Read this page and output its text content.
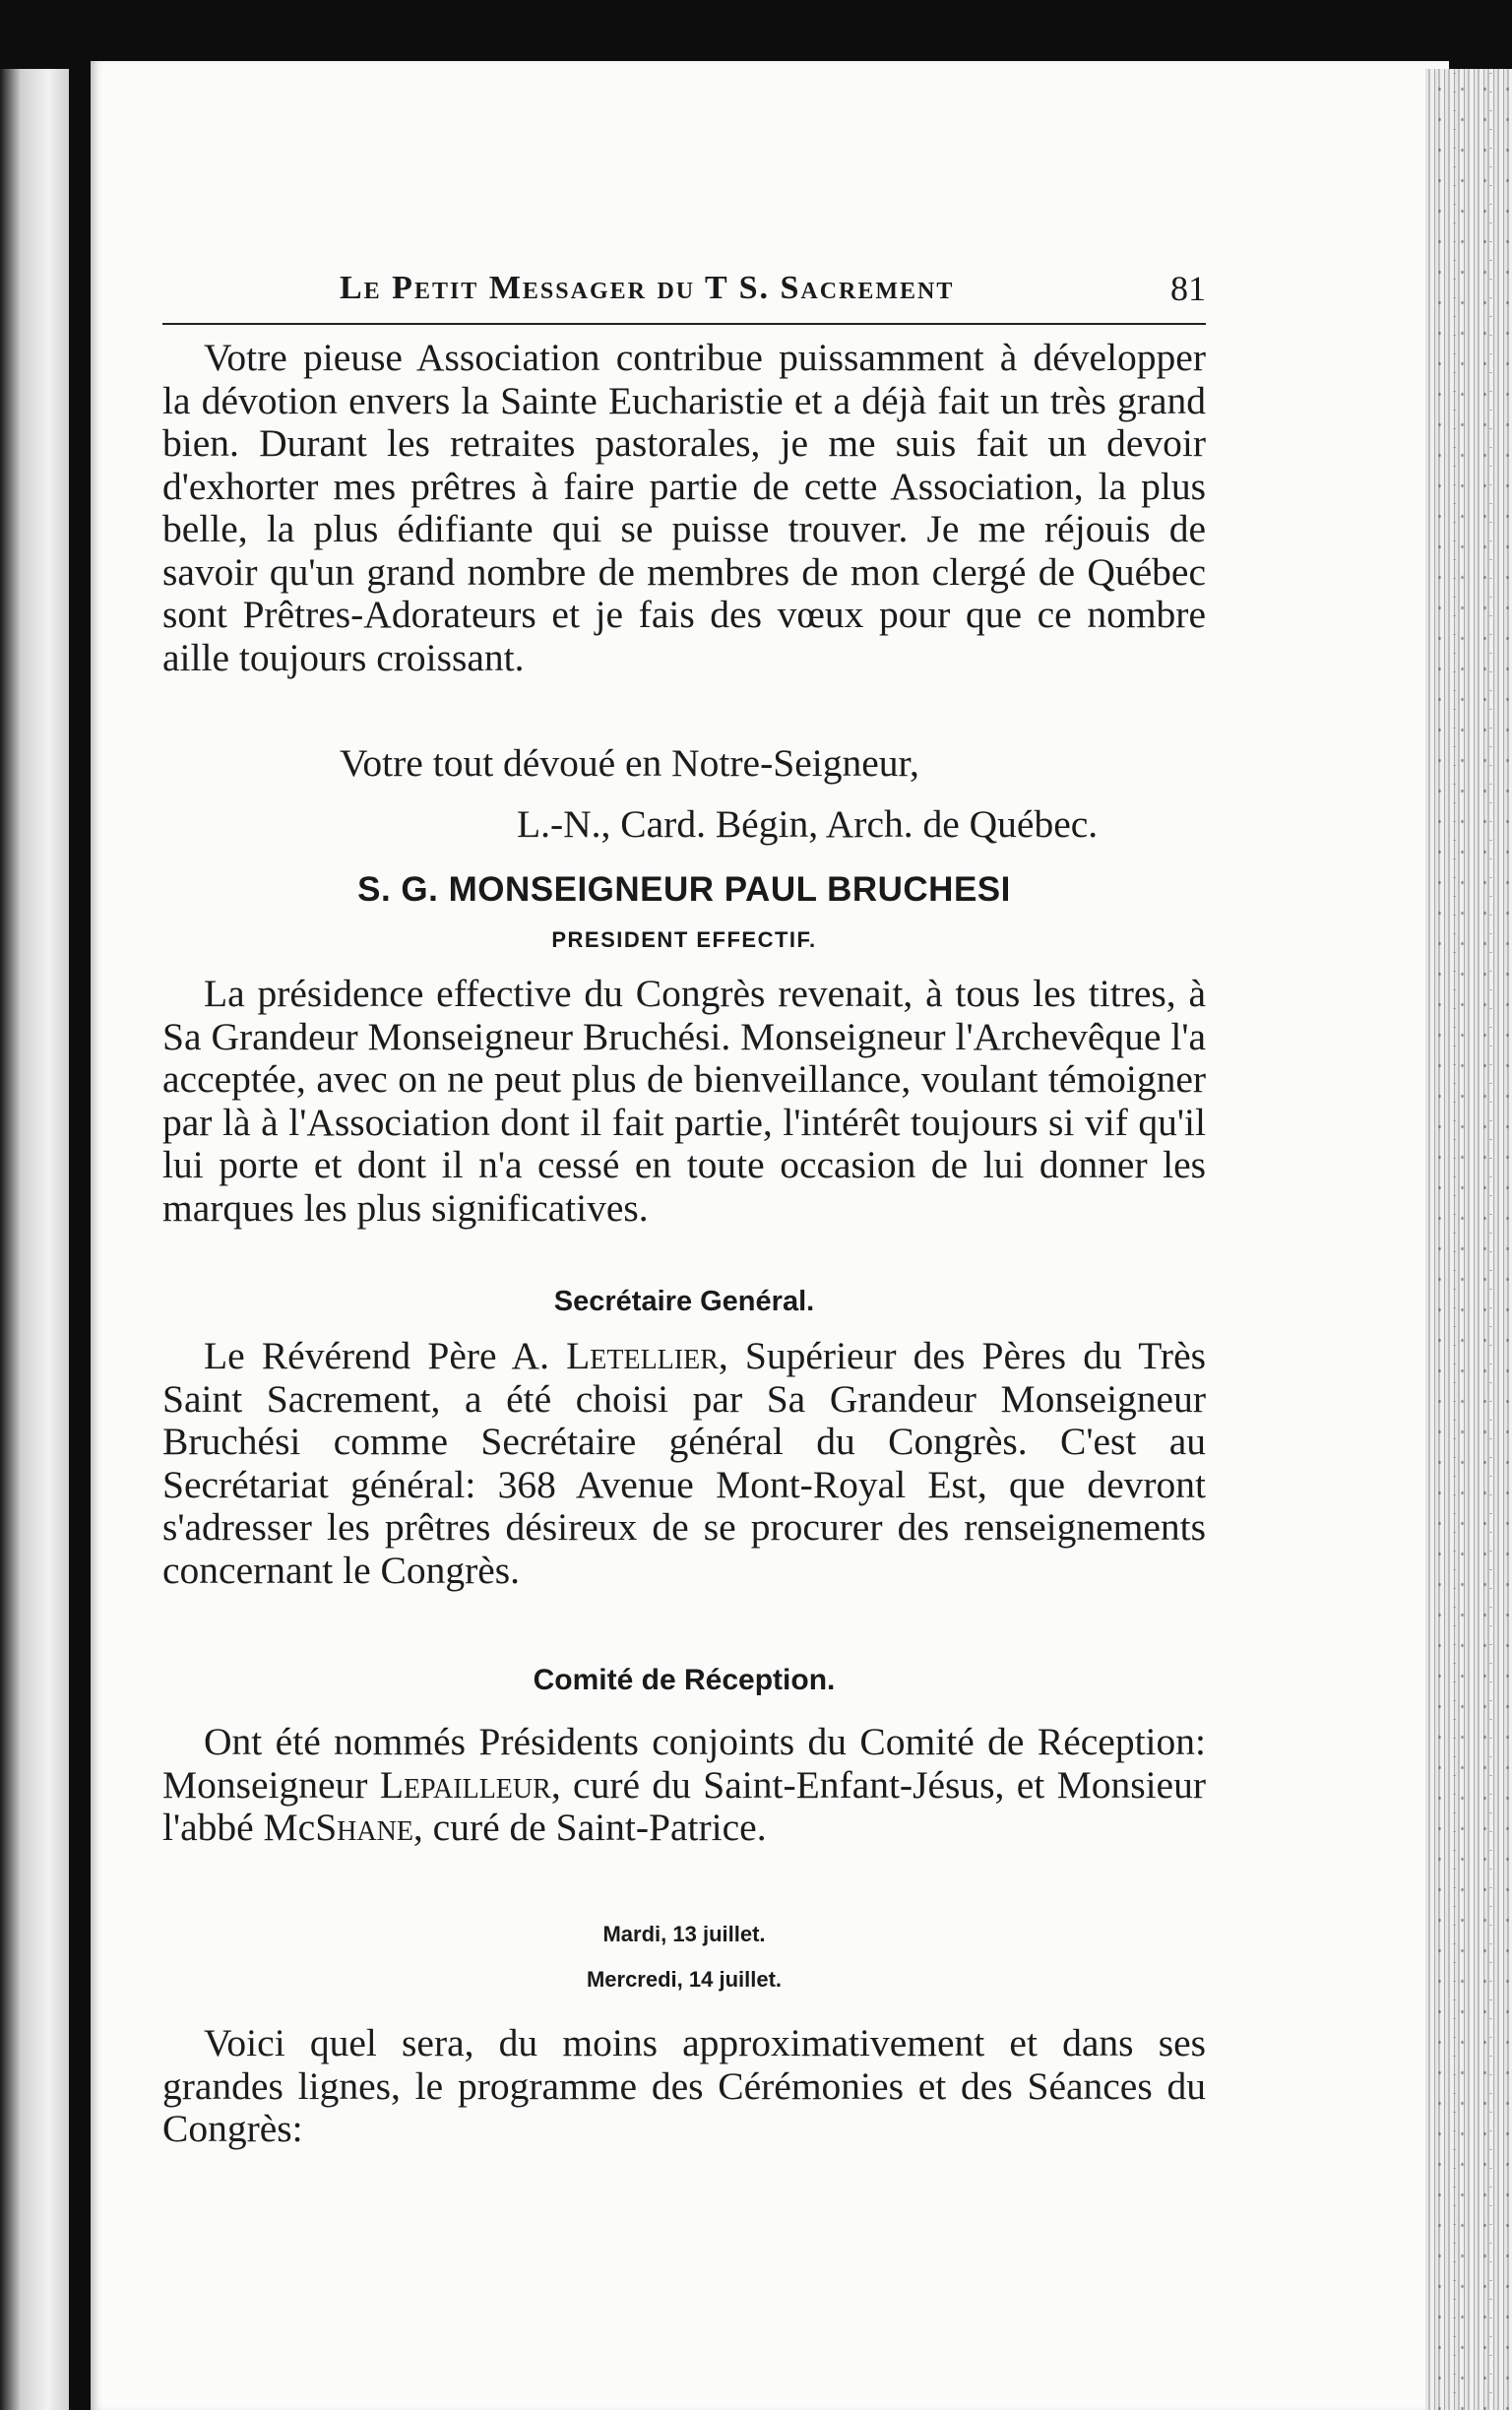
Le Petit Messager du T S. Sacrement	81

Votre pieuse Association contribue puissamment à développer la dévotion envers la Sainte Eucharistie et a déjà fait un très grand bien. Durant les retraites pastorales, je me suis fait un devoir d'exhorter mes prêtres à faire partie de cette Association, la plus belle, la plus édifiante qui se puisse trouver. Je me réjouis de savoir qu'un grand nombre de membres de mon clergé de Québec sont Prêtres-Adorateurs et je fais des vœux pour que ce nombre aille toujours croissant.

Votre tout dévoué en Notre-Seigneur,
L.-N., Card. Bégin, Arch. de Québec.
S. G. MONSEIGNEUR PAUL BRUCHESI
PRESIDENT EFFECTIF.

La présidence effective du Congrès revenait, à tous les titres, à Sa Grandeur Monseigneur Bruchési. Monseigneur l'Archevêque l'a acceptée, avec on ne peut plus de bienveillance, voulant témoigner par là à l'Association dont il fait partie, l'intérêt toujours si vif qu'il lui porte et dont il n'a cessé en toute occasion de lui donner les marques les plus significatives.

Secrétaire Genéral.

Le Révérend Père A. Letellier, Supérieur des Pères du Très Saint Sacrement, a été choisi par Sa Grandeur Monseigneur Bruchési comme Secrétaire général du Congrès. C'est au Secrétariat général: 368 Avenue Mont-Royal Est, que devront s'adresser les prêtres désireux de se procurer des renseignements concernant le Congrès.

Comité de Réception.

Ont été nommés Présidents conjoints du Comité de Réception: Monseigneur Lepailleur, curé du Saint-Enfant-Jésus, et Monsieur l'abbé McShane, curé de Saint-Patrice.

Mardi, 13 juillet.
Mercredi, 14 juillet.

Voici quel sera, du moins approximativement et dans ses grandes lignes, le programme des Cérémonies et des Séances du Congrès:
